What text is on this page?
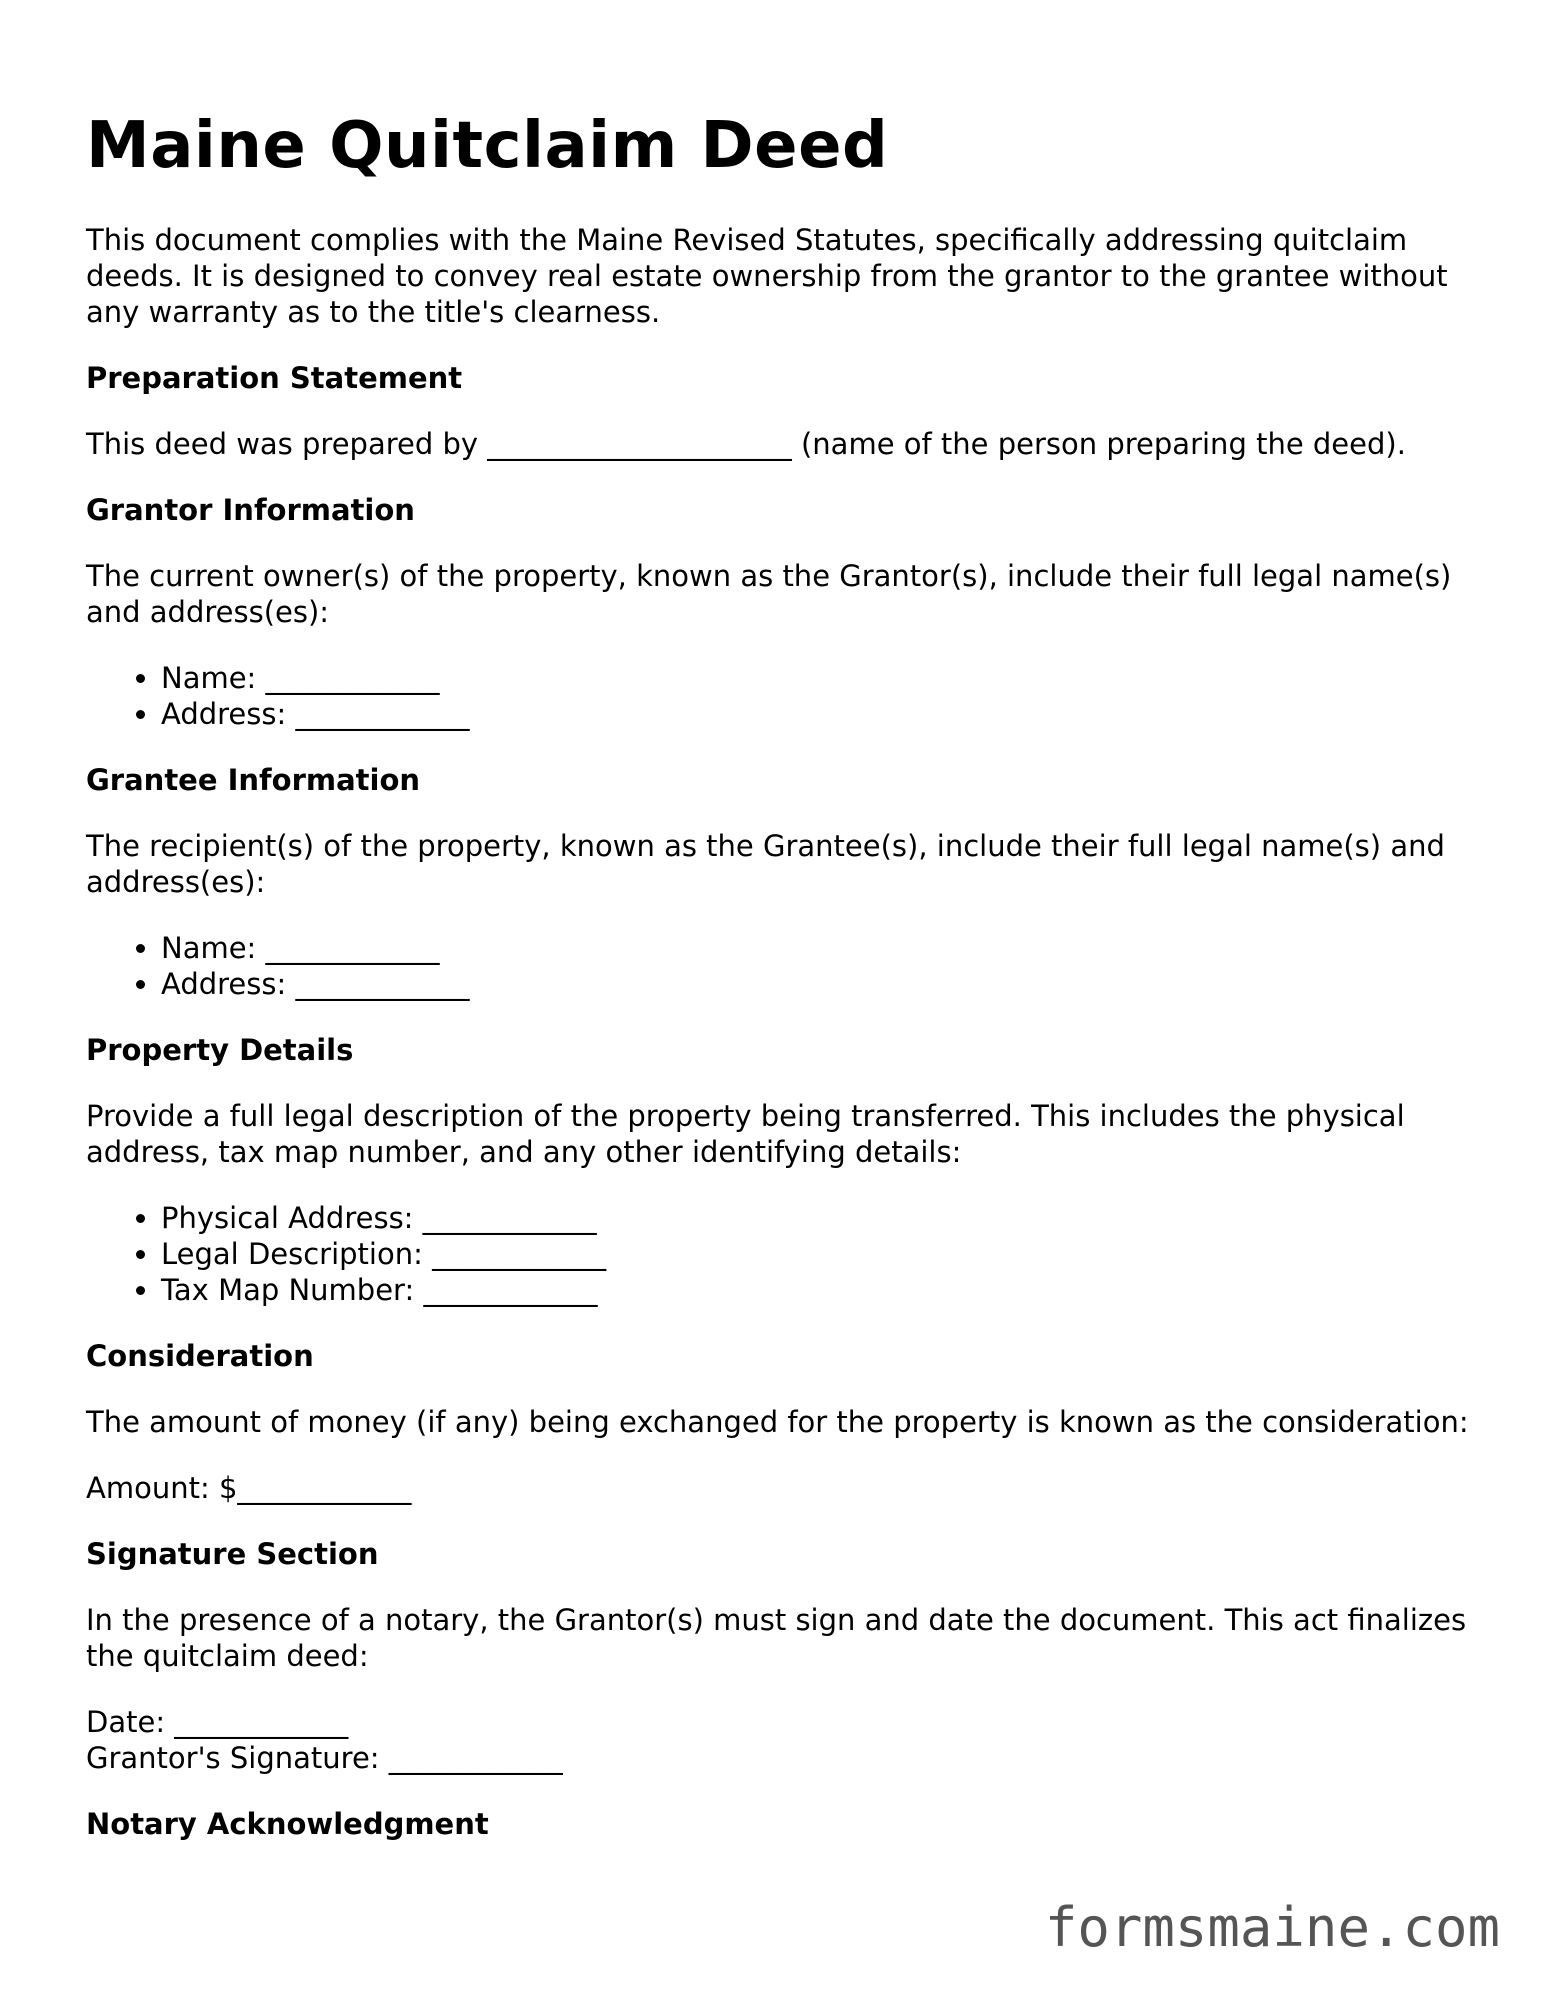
Maine Quitclaim Deed

This document complies with the Maine Revised Statutes, specifically addressing quitclaim deeds. It is designed to convey real estate ownership from the grantor to the grantee without any warranty as to the title's clearness.

Preparation Statement

This deed was prepared by _____________________ (name of the person preparing the deed).

Grantor Information

The current owner(s) of the property, known as the Grantor(s), include their full legal name(s) and address(es):

• Name: ____________
• Address: ____________
Grantee Information

The recipient(s) of the property, known as the Grantee(s), include their full legal name(s) and address(es):

• Name: ____________
• Address: ____________
Property Details

Provide a full legal description of the property being transferred. This includes the physical address, tax map number, and any other identifying details:

• Physical Address: ____________
• Legal Description: ____________
• Tax Map Number: ____________
Consideration

The amount of money (if any) being exchanged for the property is known as the consideration:

Amount: $____________

Signature Section

In the presence of a notary, the Grantor(s) must sign and date the document. This act finalizes the quitclaim deed:

Date: ____________
Grantor's Signature: ____________
Notary Acknowledgment
formsmaine.com
